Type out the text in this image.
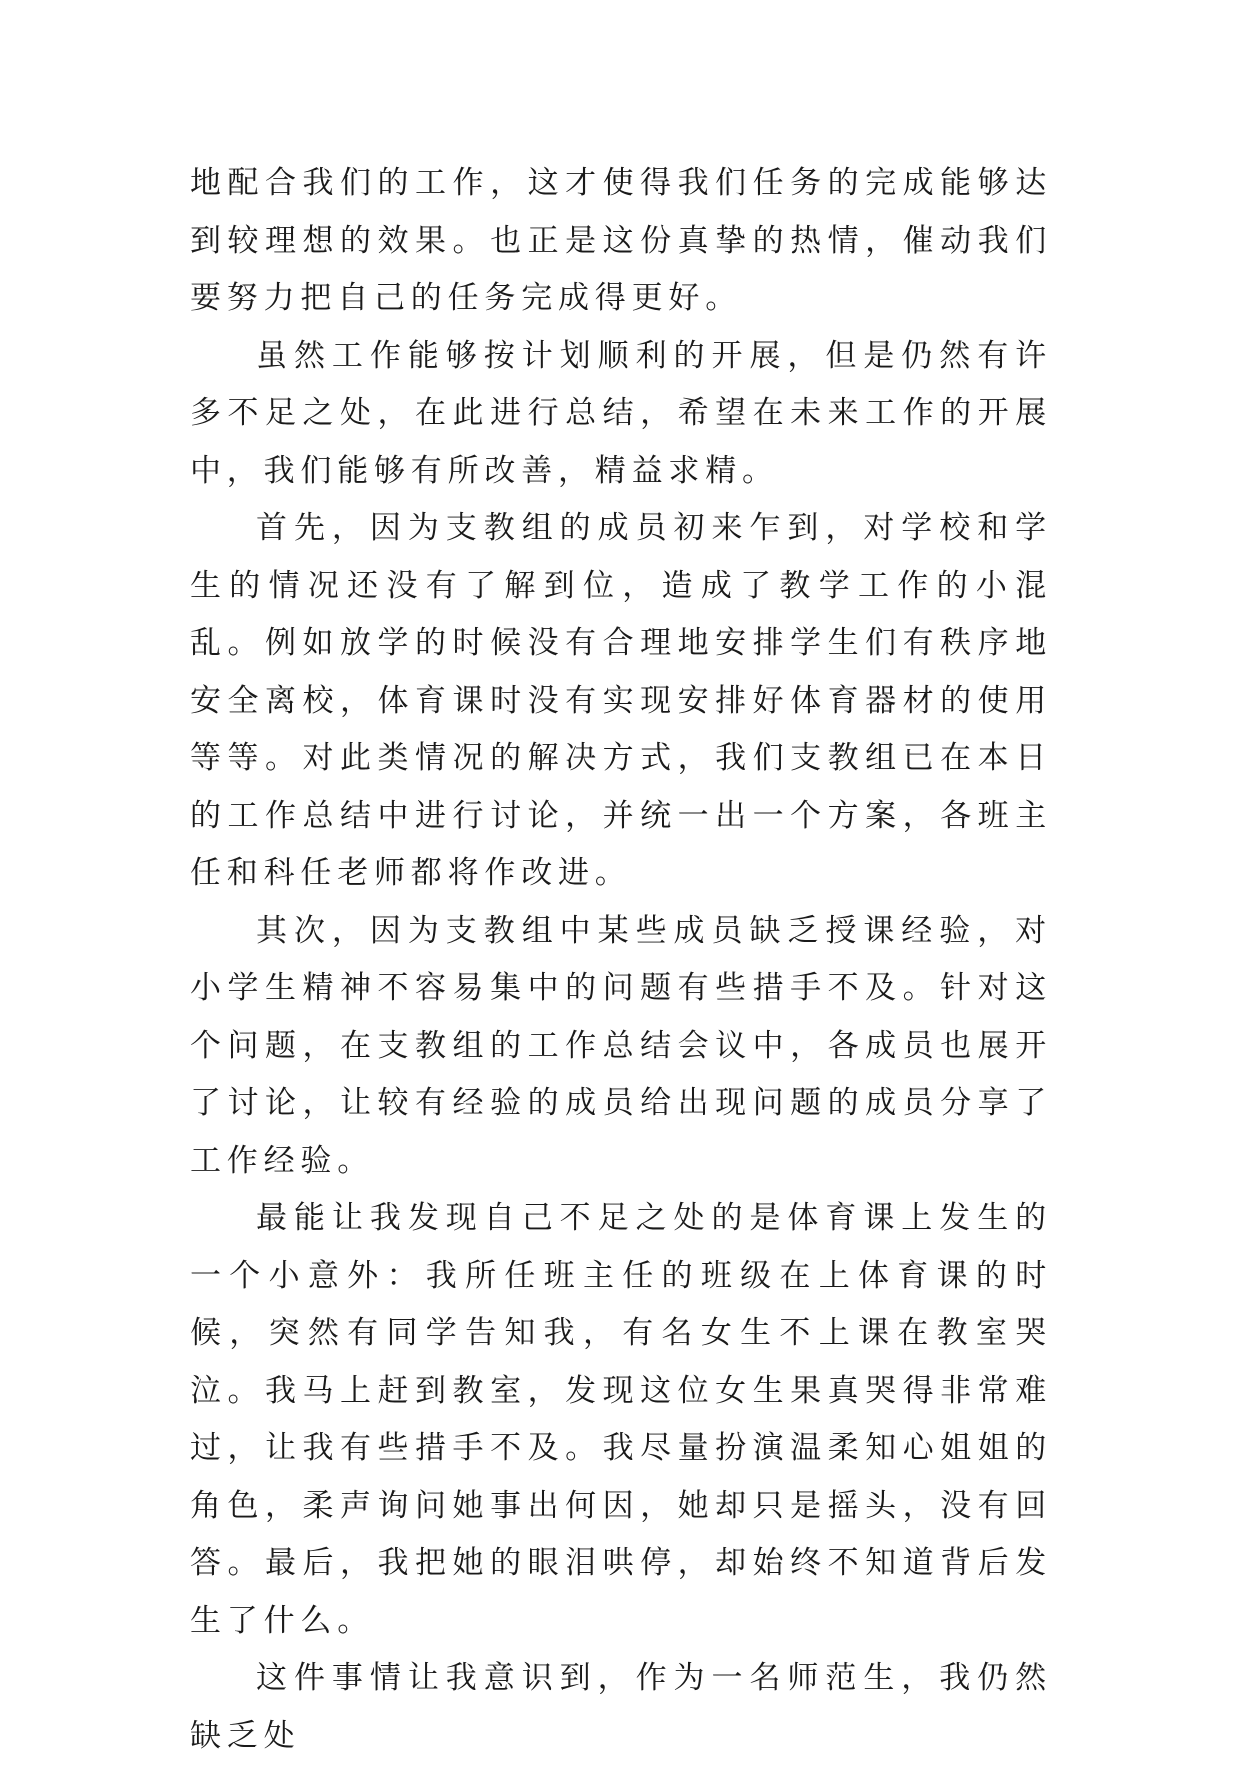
地配合我们的工作，这才使得我们任务的完成能够达到较理想的效果。也正是这份真挚的热情，催动我们要努力把自己的任务完成得更好。

虽然工作能够按计划顺利的开展，但是仍然有许多不足之处，在此进行总结，希望在未来工作的开展中，我们能够有所改善，精益求精。

首先，因为支教组的成员初来乍到，对学校和学生的情况还没有了解到位，造成了教学工作的小混乱。例如放学的时候没有合理地安排学生们有秩序地安全离校，体育课时没有实现安排好体育器材的使用等等。对此类情况的解决方式，我们支教组已在本日的工作总结中进行讨论，并统一出一个方案，各班主任和科任老师都将作改进。

其次，因为支教组中某些成员缺乏授课经验，对小学生精神不容易集中的问题有些措手不及。针对这个问题，在支教组的工作总结会议中，各成员也展开了讨论，让较有经验的成员给出现问题的成员分享了工作经验。

最能让我发现自己不足之处的是体育课上发生的一个小意外：我所任班主任的班级在上体育课的时候，突然有同学告知我，有名女生不上课在教室哭泣。我马上赶到教室，发现这位女生果真哭得非常难过，让我有些措手不及。我尽量扮演温柔知心姐姐的角色，柔声询问她事出何因，她却只是摇头，没有回答。最后，我把她的眼泪哄停，却始终不知道背后发生了什么。

这件事情让我意识到，作为一名师范生，我仍然缺乏处
